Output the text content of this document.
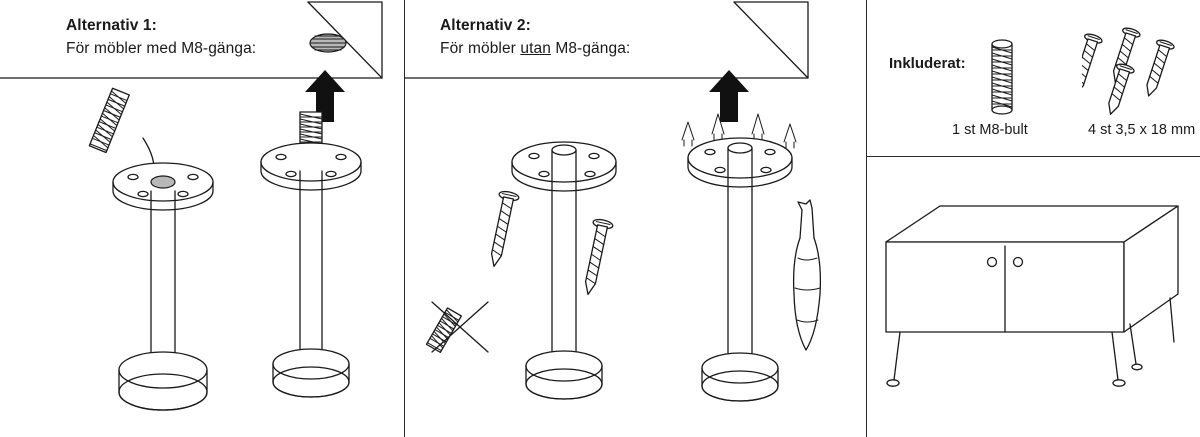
Alternativ 1:
För möbler med M8-gänga:
Alternativ 2:
För möbler utan M8-gänga:
Inkluderat:
1 st M8-bult	4 st 3,5 x 18 mm
